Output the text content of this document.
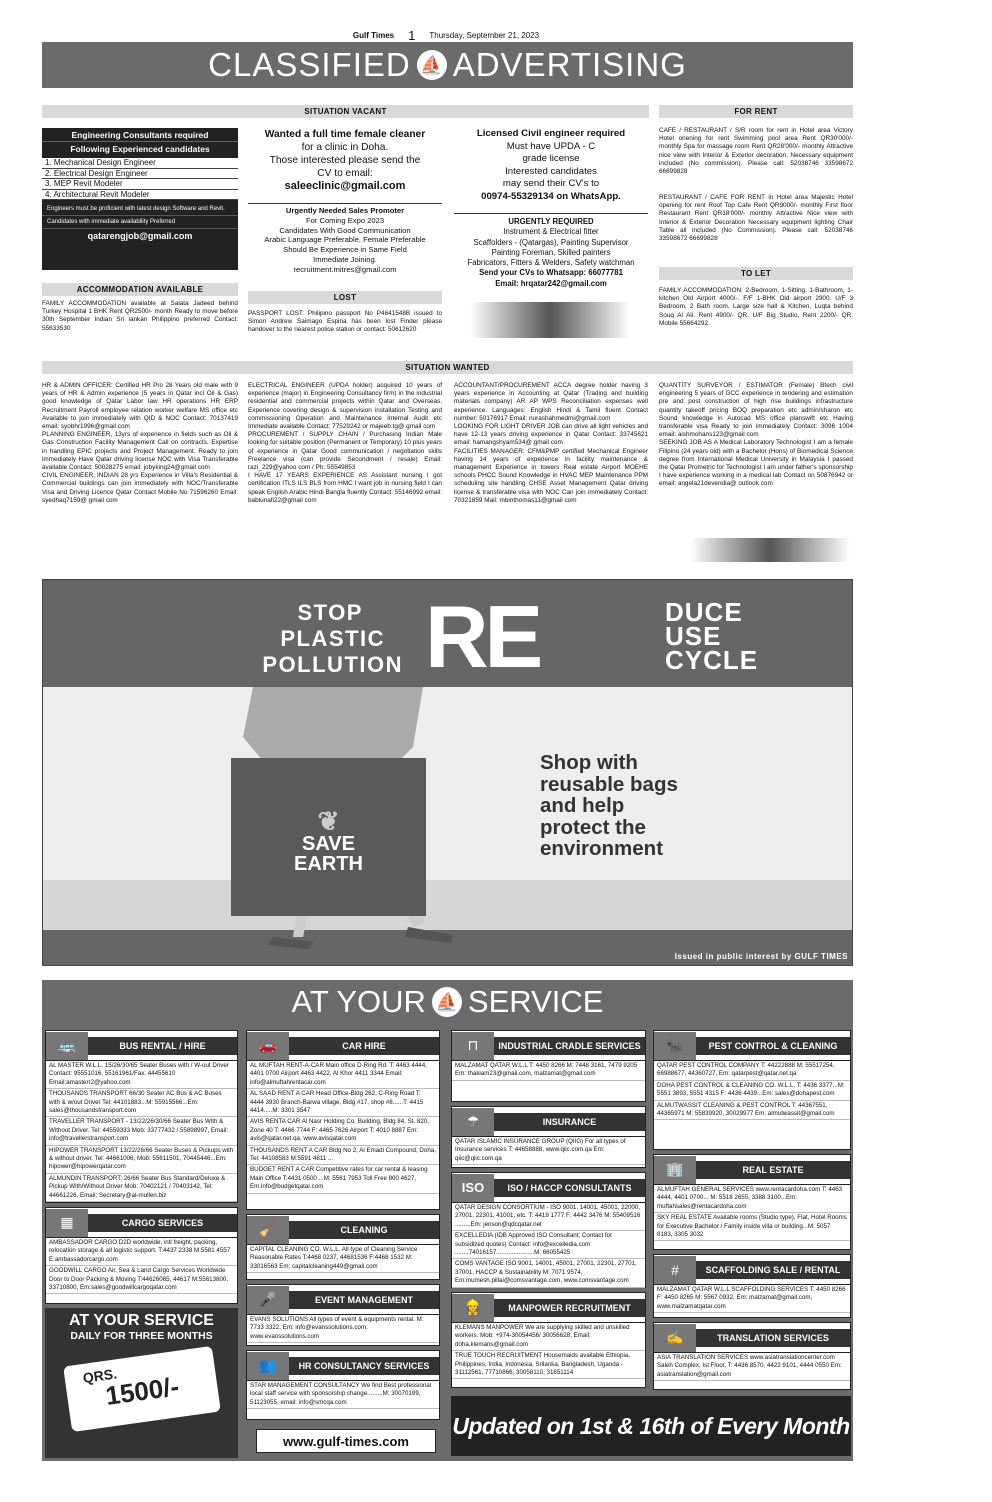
Gulf Times 1 Thursday, September 21, 2023
CLASSIFIED ⛵ ADVERTISING
SITUATION VACANT	FOR RENT
Engineering Consultants required
Following Experienced candidates
1. Mechanical Design Engineer
2. Electrical Design Engineer
3. MEP Revit Modeler
4. Architectural Revit Modeler
Engineers must be proficient with latest design Software and Revit.
Candidates with immediate availability Preferred
qatarengjob@gmail.com
Wanted a full time female cleaner
for a clinic in Doha.
Those interested please send the
CV to email:
saleeclinic@gmail.com
Urgently Needed Sales Promoter
For Coming Expo 2023
Candidates With Good Communication
Arabic Language Preferable, Female Preferable
Should Be Experience in Same Field
Immediate Joining.
recruitment.mitres@gmail.com
Licensed Civil engineer required
Must have UPDA - C
grade license
Interested candidates
may send their CV's to
00974-55329134 on WhatsApp.
URGENTLY REQUIRED
Instrument & Electrical fitter
Scaffolders - (Qatargas), Painting Supervisor
Painting Foreman, Skilled painters
Fabricators, Fitters & Welders, Safety watchman
Send your CVs to Whatsapp: 66077781
Email: hrqatar242@gmail.com
CAFE / RESTAURANT / S/R room for rent in Hotel area Victory Hotel onening for rent Swimming pool area Rent QR30'000/- monthly Spa for massage room Rent QR28'000/- monthly Attractive nice view with Interior & Exterior decoration. Necessary equipment included (No commission). Please call: 52038746 33598672 66699828
RESTAURANT / CAFE FOR RENT in Hotel area Majestic Hotel opening for rent Roof Top Cafe Rent QR9000/- monthly First floor Restaurant Rent QR18'000/- monthly Attractive Nice view with Interior & Exterior Decoration Necessary equipment lighting Chair Table all included (No Commission). Please call: 52038746 33598672 66699828
TO LET
FAMILY ACCOMMODATION: 2-Bedroom, 1-Sitting, 1-Bathroom, 1-kitchen Old Airport 4000/-. F/F 1-BHK Old airport 2900. U/F 3 Bedroom, 2 Bath room, Large size hall & Kitchen, Luqta behind Souq Al Ali. Rent 4900/- QR. U/F Big Studio, Rent 2200/- QR. Mobile 55664292.
ACCOMMODATION AVAILABLE
FAMILY ACCOMMODATION available at Salata Jadeed behind Turkey Hospital 1 BHK Rent QR2500/- month Ready to move before 30th September Indian Sri lankan Philippino preferred Contact: 55633530
LOST
PASSPORT LOST: Philipino passport No P4641548B issued to Simon Andrew Saimago Espina has been lost Finder please handover to the nearest police station or contact: 50612620
SITUATION WANTED

HR & ADMIN OFFICER: Certified HR Pro 28 Years old male with 9 years of HR & Admin experience (5 years in Qatar incl Oil & Gas) good knowledge of Qatar Labor law HR operations HR ERP Recruitment Payroll employee relation worker welfare MS office etc Available to join immediately with QID & NOC Contact: 70137419 email: syobhr1996@gmail.com

PLANNING ENGINEER, 13yrs of experience in fields such as Oil & Gas Construction Facility Management Call on contracts. Expertise in handling EPIC projects and Project Management. Ready to join immediately Have Qatar driving license NOC with Visa Transferable available Contact: 50028275 email: jobyking24@gmail com

CIVIL ENGINEER, INDIAN 28 yrs Experience in Villa's Residential & Commercial buildings can join immediately with NOC/Transferable Visa and Driving Licence Qatar Contact Mobile No 71596260 Email: syedhaq7159@ gmail com

ELECTRICAL ENGINEER (UPDA holder) acquired 10 years of experience (major) in Engineering Consultancy firm) in the industrial residential and commercial projects within Qatar and Overseas. Experience covering design & supervision installation Testing and commissioning Operation and Maintenance Internal Audit etc Immediate available Contact: 77529242 or majeeb.tg@ gmail com

PROCUREMENT / SUPPLY CHAIN / Purchasing Indian Male looking for suitable position (Permanent or Temporary) 10 plus years of experience in Qatar Good communication / negotiation skills Freelance visa (can provide Secondment / resale) Email: razi_229@yahoo com / Ph: 55549853

I HAVE 17 YEARS EXPERIENCE AS Assistant nursing I got certification ITLS ILS BLS from HMC I want job in nursing field I can speak English Arabic Hindi Bangla fluently Contact: 55146992 email: bablunafi22@gmail com

ACCOUNTANT/PROCUREMENT ACCA degree holder having 3 years experience in Accounting at Qatar (Trading and building materials company) AR AP WPS Reconciliation expenses well experience. Languages: English Hindi & Tamil fluent Contact number: 50176917 Email: nurashahmedmi@gmail.com

LOOKING FOR LIGHT DRIVER JOB can drive all light vehicles and have 12-13 years driving experience in Qatar Contact: 33745621 email: hamangshyam534@ gmail com

FACILITIES MANAGER: CFM&PMP certified Mechanical Engineer having 14 years of experience in facility maintenance & management Experience in towers Real estate Airport MOEHE schools PHCC Sound Knowledge in HVAC MEP Maintenance PPM scheduling site handling CHSE Asset Management Qatar driving license & transferable visa with NOC Can join immediately Contact: 70321859 Mail: mbinthomas11@gmail com

QUANTITY SURVEYOR / ESTIMATOR (Female) Btech civil engineering 5 years of GCC experience in tendering and estimation pre and post construction of high rise buildings infrastructure quantity takeoff pricing BOQ preparation etc admin/sharon etc Sound knowledge in Autocad MS office planswift etc Having transferable visa Ready to join immediately Contact: 3096 1004 email: aishmohans123@gmail com

SEEKING JOB AS A Medical Laboratory Technologist I am a female Filipino (24 years old) with a Bachelor (Hons) of Biomedical Science degree from International Medical University in Malaysia I passed the Qatar Prometric for Technologist I am under father's sponsorship I have experience working in a medical lab Contact on 50876942 or email: angela21devendia@ outlook com

STOP
PLASTIC
POLLUTION RE	DUCE
USE
CYCLE
❦
SAVE
EARTH
Shop with
reusable bags
and help
protect the
environment
Issued in public interest by GULF TIMES
AT YOUR ⛵ SERVICE
🚌	BUS RENTAL / HIRE
AL MASTER W.L.L. 15/26/30/65 Seater Buses with / W-out Driver Contact: 95551016, 55161961/Fax: 44455610 Email:amasterr2@yahoo.com
THOUSANDS TRANSPORT 66/30 Seater AC Bus & AC Buses with & w/out Driver Tel: 44101883...M: 55915566...Em: sales@thousandstransport.com
TRAVELLER TRANSPORT - 13/22/26/30/66 Seater Bus With & Without Driver. Tel: 44559333 Mob: 33777432 / 55898997, Email: info@travellerstransport.com
HIPOWER TRANSPORT 13/22/26/66 Seater Buses & Pickups with & without driver. Tel: 44661006, Mob: 55611501, 70445446...Em: hipower@hipowerqatar.com
ALMUNDIN TRANSPORT: 26/66 Seater Bus Standard/Deluxe & Pickup With/Without Driver Mob: 70402121 / 70403142, Tel: 44661226, Email: Secretary@al-mullen.biz
▦	CARGO SERVICES
AMBASSADOR CARGO D2D worldwide, intl freight, packing, relocation storage & all logistic support. T:4437 2338 M:5581 4557 E:ambassadorcargo.com
GOODWILL CARGO Air, Sea & Land Cargo Services Worldwide Door to Door Packing & Moving T:44626065, 44617 M:55613800, 33710800, Em:sales@goodwillcargoqatar.com
AT YOUR SERVICE
DAILY FOR THREE MONTHS
QRS.
1500/-
🚗	CAR HIRE
AL MUFTAH RENT-A-CAR Main office D-Ring Rd. T: 4463 4444, 4401 0700 Airport 4463 4422, Al Khor 4411 3344 Email: info@almuftahrentacar.com
AL SAAD RENT A CAR Head Office-Bldg 262, C-Ring Road T: 4444 3930 Branch-Barwa village, Bldg #17, shop #8......T: 4415 4414.....M: 3301 3547
AVIS RENTA CAR Al Nasr Holding Co. Building, Bldg 84, St. 820, Zone 40 T: 4466 7744 F: 4465 7626 Airport T: 4010 8887 Em: avis@qatar.net.qa, www.avisqatar.com
THOUSANDS RENT A CAR Bldg No 2, Al Emadi Compound, Doha, Tel: 44108583 M:5591 4811 ...
BUDGET RENT A CAR Competitive rates for car rental & leasing Main Office T:4431 0500 ...M: 5561 7953 Toll Free 800 4627, Em:info@budgetqatar.com
🧹	CLEANING
CAPITAL CLEANING CO. W.L.L. All type of Cleaning Service Reasonable Rates T:4468 0237, 44681536 F:4468 1532 M: 33016563 Em: capitalcleaning449@gmail.com
🎤	EVENT MANAGEMENT
EVANS SOLUTIONS All types of event & equipments rental. M: 7733 3322, Em: info@evanssolutions.com, www.evanssolutions.com
👥	HR CONSULTANCY SERVICES
STAR MANAGEMENT CONSULTANCY We find Best professional local staff service with sponsorship change.........M: 30070199, 51123055, email: info@smcqa.com
www.gulf-times.com
⊓	INDUSTRIAL CRADLE SERVICES
MALZAMAT QATAR W.L.L T: 4450 8266 M: 7448 3161, 7479 9205 Em: thakiam23@gmail.com, malzamat@gmail.com
☂	INSURANCE
QATAR ISLAMIC INSURANCE GROUP (QIIG) For all types of Insurance services T: 44658888, www.qiic.com.qa Em: qiic@qiic.com.qa
ISO	ISO / HACCP CONSULTANTS
QATAR DESIGN CONSORTIUM - ISO 9001, 14001, 45001, 22000, 27001, 22301, 41001, etc. T: 4419 1777 F: 4442 3476 M: 55409516 .........Em: jenson@qdcqatar.net
EXCELLEDIA (IDB Approved ISO Consultant; Contact for subsidized quotes) Contact: info@excelledia.com ........74016157......................M: 66055425
COMS VANTAGE ISO 9001, 14001, 45001, 27001, 22301, 27701, 37001, HACCP & Sustainability M: 7071 9574, Em:mumesh.pillai@comsvantage.com, www.comsvantage.com
👷	MANPOWER RECRUITMENT
KLEMANS MANPOWER We are supplying skilled and unskilled workers. Mob: +974-30054456/ 30056628, Email: doha.klemans@gmail.com
TRUE TOUCH RECRUITMENT Housemaids available Ethiopia, Philippines, India, Indonesia, Srilanka, Bangladesh, Uganda - 31112561, 77710866, 30058110, 31651114
Updated on 1st & 16th of Every Month
🐜	PEST CONTROL & CLEANING
QATAR PEST CONTROL COMPANY T: 44222888 M: 55517254, 66988677, 44360727, Em: qatarpest@qatar.net.qa
DOHA PEST CONTROL & CLEANING CO. W.L.L. T: 4436 3377...M: 5551 3893, 5551 4315 F: 4436 4439...Em: sales@dohapest.com
ALMUTWASSIT CLEANING & PEST CONTROL T: 44367551, 44365971 M: 55839920, 30029977 Em: almutwassit@gmail.com
🏢	REAL ESTATE
ALMUFTAH GENERAL SERVICES www.rentacardoha.com T: 4463 4444, 4401 0700... M: 5518 2655, 3388 3100...Em: muftahsales@rentacardoha.com
SKY REAL ESTATE Available rooms (Studio type), Flat, Hotel Rooms for Executive Bachelor / Family inside villa or building...M: 5057 8183, 3305 3032
#	SCAFFOLDING SALE / RENTAL
MALZAMAT QATAR W.L.L SCAFFOLDING SERVICES T: 4450 8266 F: 4450 8265 M: 5567 0932, Em: malzamat@gmail.com, www.malzamatqatar.com
✍	TRANSLATION SERVICES
ASIA TRANSLATION SERVICES www.asiatranslationcenter.com Saleh Complex, Ist Floor, T: 4436 8570, 4422 9101, 4444 0550 Em: asiatranslation@gmail.com
